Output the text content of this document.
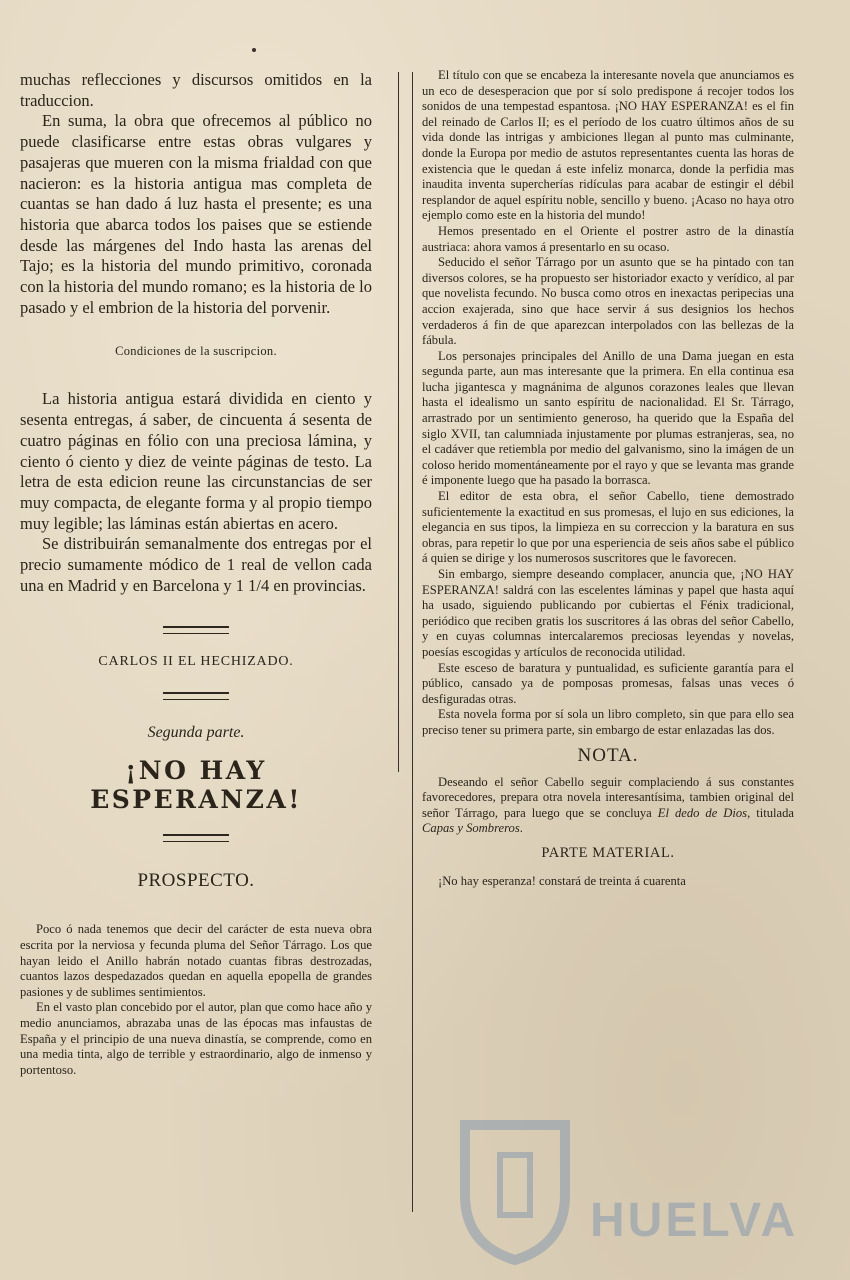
muchas reflecciones y discursos omitidos en la traduccion.

En suma, la obra que ofrecemos al público no puede clasificarse entre estas obras vulgares y pasajeras que mueren con la misma frialdad con que nacieron: es la historia antigua mas completa de cuantas se han dado á luz hasta el presente; es una historia que abarca todos los paises que se estiende desde las márgenes del Indo hasta las arenas del Tajo; es la historia del mundo primitivo, coronada con la historia del mundo romano; es la historia de lo pasado y el embrion de la historia del porvenir.

Condiciones de la suscripcion.

La historia antigua estará dividida en ciento y sesenta entregas, á saber, de cincuenta á sesenta de cuatro páginas en fólio con una preciosa lámina, y ciento ó ciento y diez de veinte páginas de testo. La letra de esta edicion reune las circunstancias de ser muy compacta, de elegante forma y al propio tiempo muy legible; las láminas están abiertas en acero.

Se distribuirán semanalmente dos entregas por el precio sumamente módico de 1 real de vellon cada una en Madrid y en Barcelona y 1 1/4 en provincias.

CARLOS II EL HECHIZADO.
Segunda parte.
¡NO HAY ESPERANZA!
PROSPECTO.

Poco ó nada tenemos que decir del carácter de esta nueva obra escrita por la nerviosa y fecunda pluma del Señor Tárrago. Los que hayan leido el Anillo habrán notado cuantas fibras destrozadas, cuantos lazos despedazados quedan en aquella epopella de grandes pasiones y de sublimes sentimientos.

En el vasto plan concebido por el autor, plan que como hace año y medio anunciamos, abrazaba unas de las épocas mas infaustas de España y el principio de una nueva dinastía, se comprende, como en una media tinta, algo de terrible y estraordinario, algo de inmenso y portentoso.

El título con que se encabeza la interesante novela que anunciamos es un eco de desesperacion que por sí solo predispone á recojer todos los sonidos de una tempestad espantosa. ¡NO HAY ESPERANZA! es el fin del reinado de Carlos II; es el período de los cuatro últimos años de su vida donde las intrigas y ambiciones llegan al punto mas culminante, donde la Europa por medio de astutos representantes cuenta las horas de existencia que le quedan á este infeliz monarca, donde la perfidia mas inaudita inventa supercherías ridículas para acabar de estingir el débil resplandor de aquel espíritu noble, sencillo y bueno. ¡Acaso no haya otro ejemplo como este en la historia del mundo!

Hemos presentado en el Oriente el postrer astro de la dinastía austriaca: ahora vamos á presentarlo en su ocaso.

Seducido el señor Tárrago por un asunto que se ha pintado con tan diversos colores, se ha propuesto ser historiador exacto y verídico, al par que novelista fecundo. No busca como otros en inexactas peripecias una accion exajerada, sino que hace servir á sus designios los hechos verdaderos á fin de que aparezcan interpolados con las bellezas de la fábula.

Los personajes principales del Anillo de una Dama juegan en esta segunda parte, aun mas interesante que la primera. En ella continua esa lucha jigantesca y magnánima de algunos corazones leales que llevan hasta el idealismo un santo espíritu de nacionalidad. El Sr. Tárrago, arrastrado por un sentimiento generoso, ha querido que la España del siglo XVII, tan calumniada injustamente por plumas estranjeras, sea, no el cadáver que retiembla por medio del galvanismo, sino la imágen de un coloso herido momentáneamente por el rayo y que se levanta mas grande é imponente luego que ha pasado la borrasca.

El editor de esta obra, el señor Cabello, tiene demostrado suficientemente la exactitud en sus promesas, el lujo en sus ediciones, la elegancia en sus tipos, la limpieza en su correccion y la baratura en sus obras, para repetir lo que por una esperiencia de seis años sabe el público á quien se dirige y los numerosos suscritores que le favorecen.

Sin embargo, siempre deseando complacer, anuncia que, ¡NO HAY ESPERANZA! saldrá con las escelentes láminas y papel que hasta aquí ha usado, siguiendo publicando por cubiertas el Fénix tradicional, periódico que reciben gratis los suscritores á las obras del señor Cabello, y en cuyas columnas intercalaremos preciosas leyendas y novelas, poesías escogidas y artículos de reconocida utilidad.

Este esceso de baratura y puntualidad, es suficiente garantía para el público, cansado ya de pomposas promesas, falsas unas veces ó desfiguradas otras.

Esta novela forma por sí sola un libro completo, sin que para ello sea preciso tener su primera parte, sin embargo de estar enlazadas las dos.

NOTA.

Deseando el señor Cabello seguir complaciendo á sus constantes favorecedores, prepara otra novela interesantísima, tambien original del señor Tárrago, para luego que se concluya El dedo de Dios, titulada Capas y Sombreros.

PARTE MATERIAL.

¡No hay esperanza! constará de treinta á cuarenta

HUELVA
